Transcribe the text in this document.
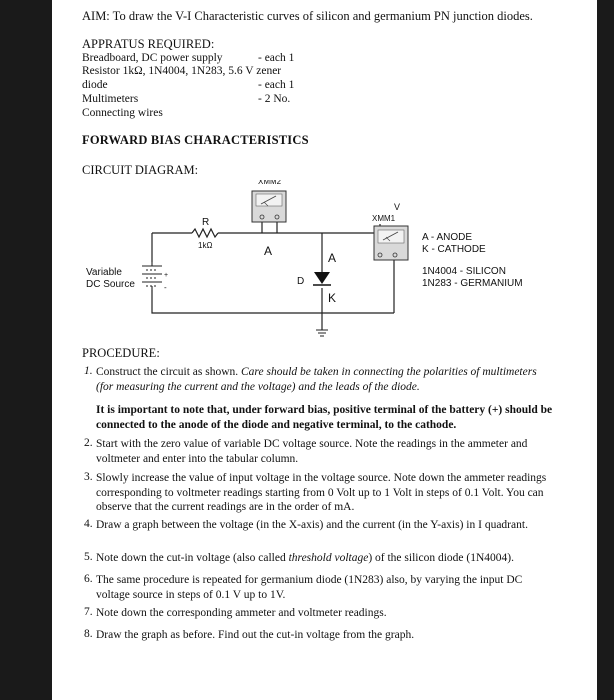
AIM: To draw the V-I Characteristic curves of silicon and germanium PN junction diodes.
APPRATUS REQUIRED:
Breadboard, DC power supply	- each 1
Resistor 1kΩ, 1N4004, 1N283, 5.6 V zener
diode	- each 1
Multimeters	- 2 No.
Connecting wires
FORWARD BIAS CHARACTERISTICS
CIRCUIT DIAGRAM:
XMM2
V
XMM1
R
1kΩ	A	A
D
K
Variable
DC Source
+
-
A - ANODE
K - CATHODE
1N4004 - SILICON
1N283 - GERMANIUM
PROCEDURE:
1. Construct the circuit as shown. Care should be taken in connecting the polarities of multimeters (for measuring the current and the voltage) and the leads of the diode.
It is important to note that, under forward bias, positive terminal of the battery (+) should be connected to the anode of the diode and negative terminal, to the cathode.
2. Start with the zero value of variable DC voltage source. Note the readings in the ammeter and voltmeter and enter into the tabular column.
3. Slowly increase the value of input voltage in the voltage source. Note down the ammeter readings corresponding to voltmeter readings starting from 0 Volt up to 1 Volt in steps of 0.1 Volt. You can observe that the current readings are in the order of mA.
4. Draw a graph between the voltage (in the X-axis) and the current (in the Y-axis) in I quadrant.
5. Note down the cut-in voltage (also called threshold voltage) of the silicon diode (1N4004).
6. The same procedure is repeated for germanium diode (1N283) also, by varying the input DC voltage source in steps of 0.1 V up to 1V.
7. Note down the corresponding ammeter and voltmeter readings.
8. Draw the graph as before. Find out the cut-in voltage from the graph.
